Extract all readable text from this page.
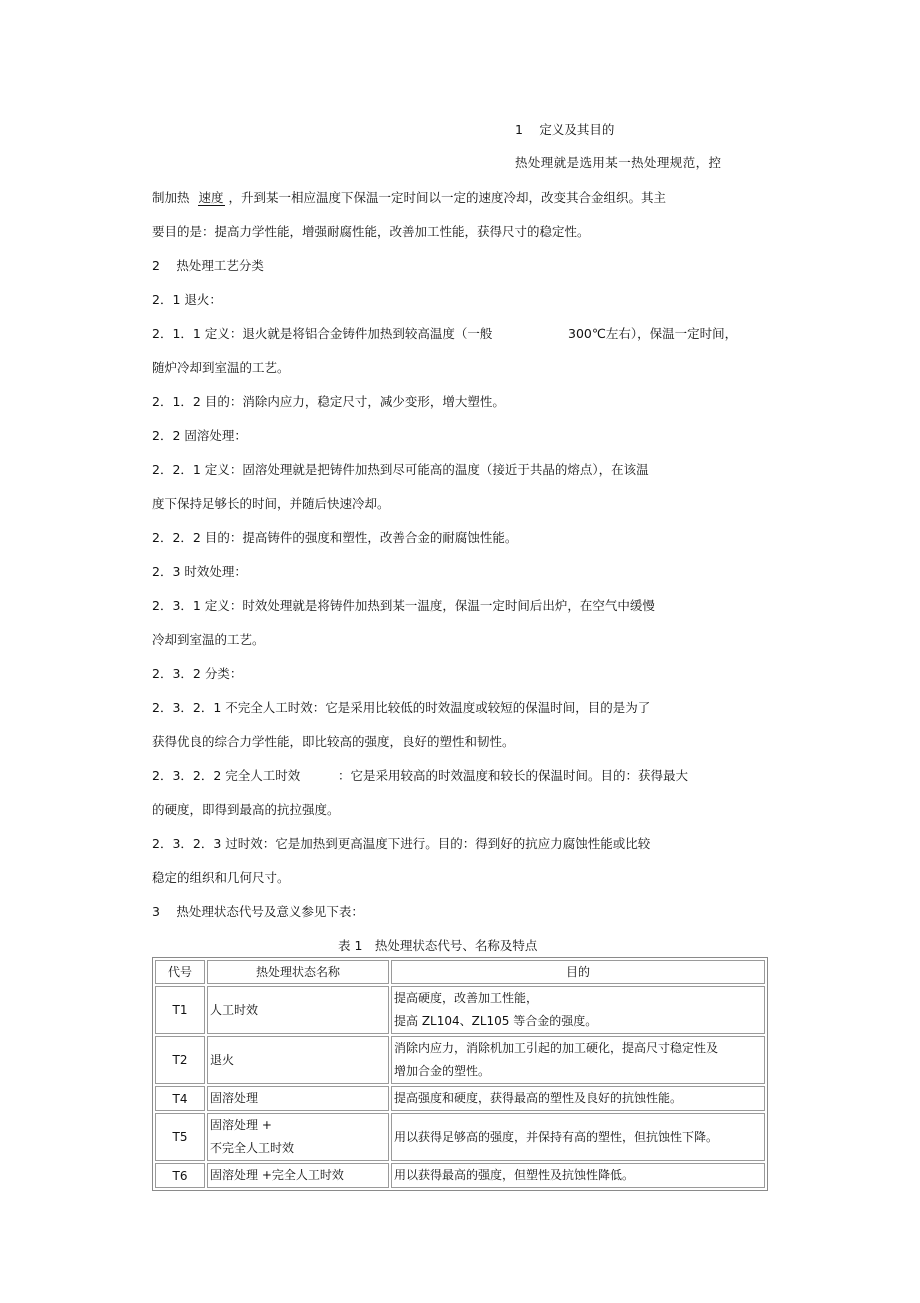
1　 定义及其目的
热处理就是选用某一热处理规范，控
制加热 速度 ，升到某一相应温度下保温一定时间以一定的速度冷却，改变其合金组织。其主
要目的是：提高力学性能，增强耐腐性能，改善加工性能，获得尺寸的稳定性。
2　 热处理工艺分类
2．1 退火：
2．1．1 定义：退火就是将铝合金铸件加热到较高温度（一般	300℃左右），保温一定时间，
随炉冷却到室温的工艺。
2．1．2 目的：消除内应力，稳定尺寸，减少变形，增大塑性。
2．2 固溶处理：
2．2．1 定义：固溶处理就是把铸件加热到尽可能高的温度（接近于共晶的熔点），在该温
度下保持足够长的时间，并随后快速冷却。
2．2．2 目的：提高铸件的强度和塑性，改善合金的耐腐蚀性能。
2．3 时效处理：
2．3．1 定义：时效处理就是将铸件加热到某一温度，保温一定时间后出炉，在空气中缓慢
冷却到室温的工艺。
2．3．2 分类：
2．3．2．1 不完全人工时效：它是采用比较低的时效温度或较短的保温时间，目的是为了
获得优良的综合力学性能，即比较高的强度，良好的塑性和韧性。
2．3．2．2 完全人工时效	：它是采用较高的时效温度和较长的保温时间。目的：获得最大
的硬度，即得到最高的抗拉强度。
2．3．2．3 过时效：它是加热到更高温度下进行。目的：得到好的抗应力腐蚀性能或比较
稳定的组织和几何尺寸。
3　 热处理状态代号及意义参见下表：
表 1　热处理状态代号、名称及特点
代号	热处理状态名称	目的
T1	人工时效	提高硬度，改善加工性能，
提高 ZL104、ZL105 等合金的强度。

T2	退火	消除内应力，消除机加工引起的加工硬化，提高尺寸稳定性及
增加合金的塑性。

T4	固溶处理	提高强度和硬度，获得最高的塑性及良好的抗蚀性能。

T5	固溶处理 +
不完全人工时效	用以获得足够高的强度，并保持有高的塑性，但抗蚀性下降。

T6	固溶处理 +完全人工时效	用以获得最高的强度，但塑性及抗蚀性降低。
